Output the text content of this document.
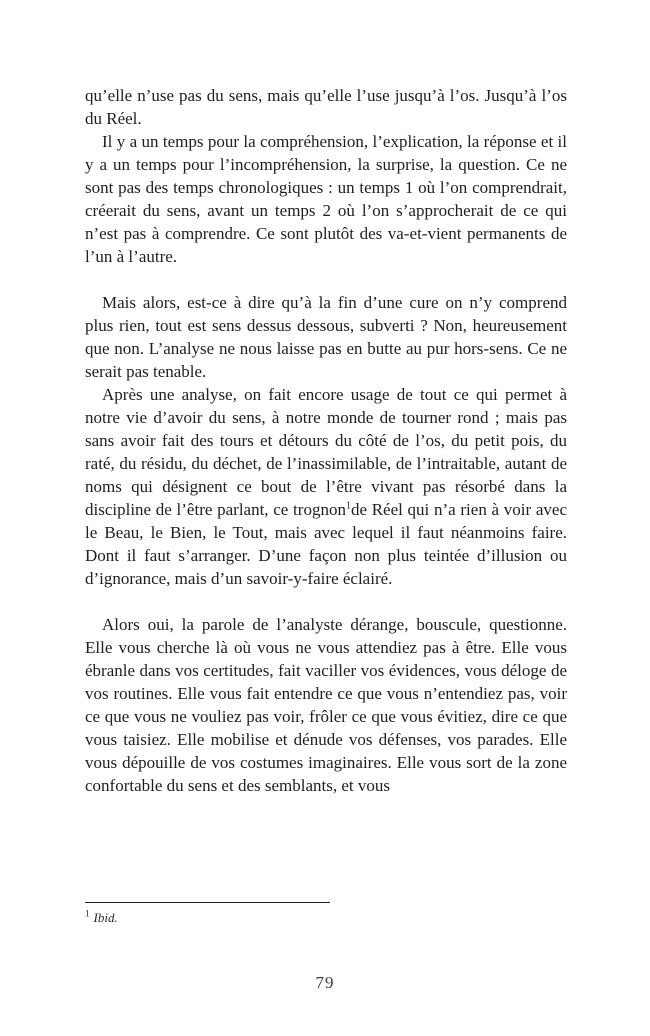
qu’elle n’use pas du sens, mais qu’elle l’use jusqu’à l’os. Jusqu’à l’os du Réel.

Il y a un temps pour la compréhension, l’explication, la réponse et il y a un temps pour l’incompréhension, la surprise, la question. Ce ne sont pas des temps chronologiques : un temps 1 où l’on comprendrait, créerait du sens, avant un temps 2 où l’on s’approcherait de ce qui n’est pas à comprendre. Ce sont plutôt des va-et-vient permanents de l’un à l’autre.

Mais alors, est-ce à dire qu’à la fin d’une cure on n’y comprend plus rien, tout est sens dessus dessous, subverti ? Non, heureusement que non. L’analyse ne nous laisse pas en butte au pur hors-sens. Ce ne serait pas tenable.

Après une analyse, on fait encore usage de tout ce qui permet à notre vie d’avoir du sens, à notre monde de tourner rond ; mais pas sans avoir fait des tours et détours du côté de l’os, du petit pois, du raté, du résidu, du déchet, de l’inassimilable, de l’intraitable, autant de noms qui désignent ce bout de l’être vivant pas résorbé dans la discipline de l’être parlant, ce trognon$^1$de Réel qui n’a rien à voir avec le Beau, le Bien, le Tout, mais avec lequel il faut néanmoins faire. Dont il faut s’arranger. D’une façon non plus teintée d’illusion ou d’ignorance, mais d’un savoir-y-faire éclairé.

Alors oui, la parole de l’analyste dérange, bouscule, questionne. Elle vous cherche là où vous ne vous attendiez pas à être. Elle vous ébranle dans vos certitudes, fait vaciller vos évidences, vous déloge de vos routines. Elle vous fait entendre ce que vous n’entendiez pas, voir ce que vous ne vouliez pas voir, frôler ce que vous évitiez, dire ce que vous taisiez. Elle mobilise et dénude vos défenses, vos parades. Elle vous dépouille de vos costumes imaginaires. Elle vous sort de la zone confortable du sens et des semblants, et vous

$^1$ Ibid.

79
